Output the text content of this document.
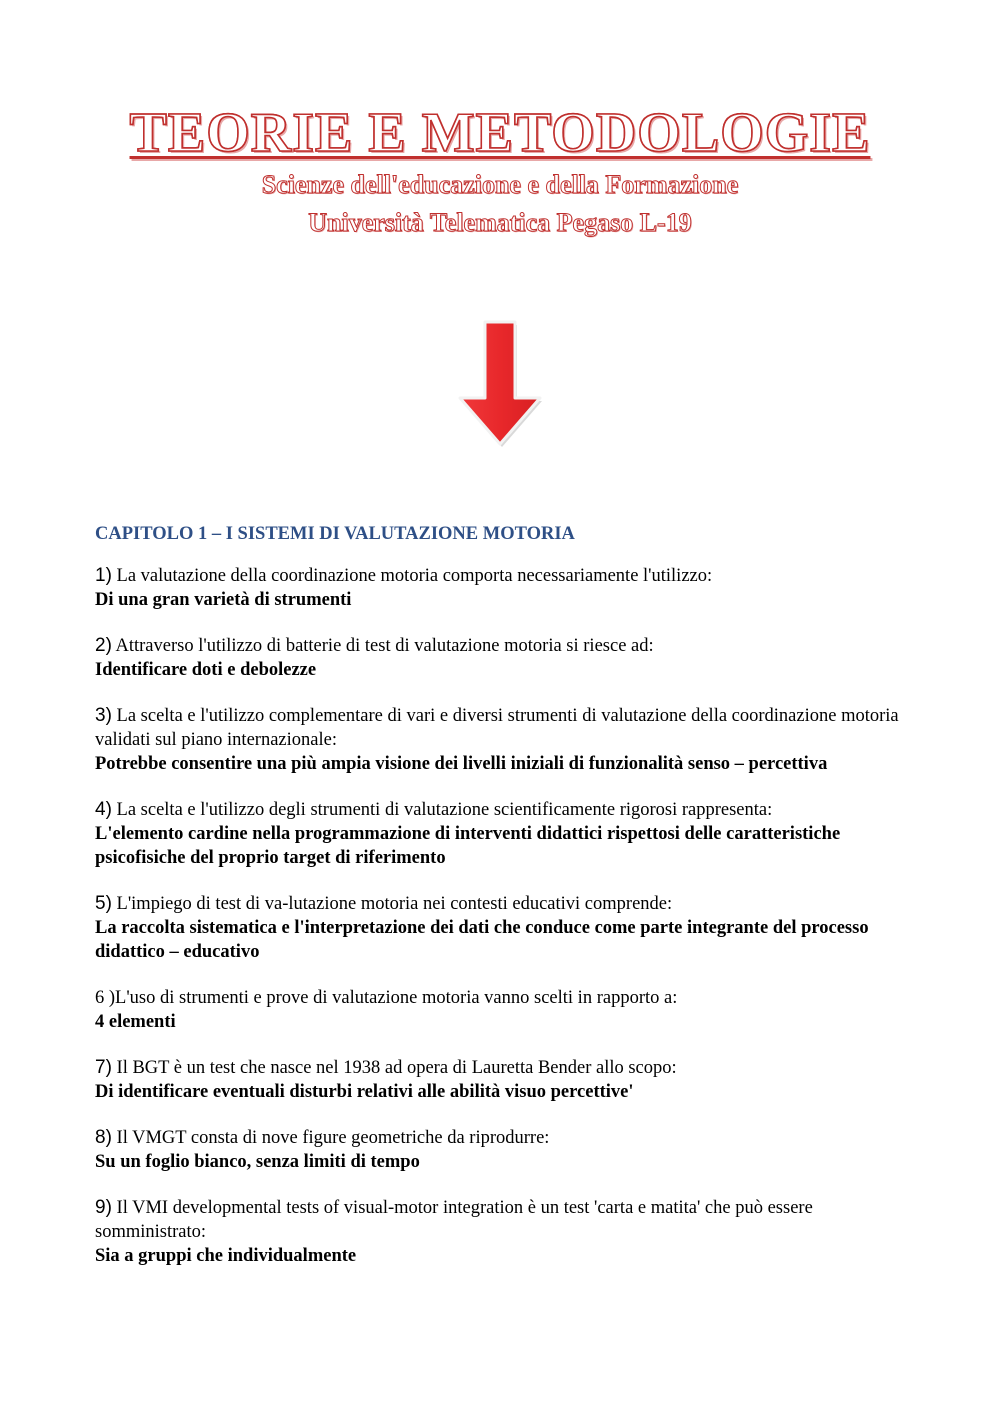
TEORIE E METODOLOGIE

Scienze dell'educazione e della Formazione

Università Telematica Pegaso L-19

CAPITOLO 1 – I SISTEMI DI VALUTAZIONE MOTORIA

1) La valutazione della coordinazione motoria comporta necessariamente l'utilizzo:

Di una gran varietà di strumenti

2) Attraverso l'utilizzo di batterie di test di valutazione motoria si riesce ad:

Identificare doti e debolezze

3) La scelta e l'utilizzo complementare di vari e diversi strumenti di valutazione della coordinazione motoria validati sul piano internazionale:

Potrebbe consentire una più ampia visione dei livelli iniziali di funzionalità senso – percettiva

4) La scelta e l'utilizzo degli strumenti di valutazione scientificamente rigorosi rappresenta:

L'elemento cardine nella programmazione di interventi didattici rispettosi delle caratteristiche psicofisiche del proprio target di riferimento

5) L'impiego di test di va-lutazione motoria nei contesti educativi comprende:

La raccolta sistematica e l'interpretazione dei dati che conduce come parte integrante del processo didattico – educativo

6 )L'uso di strumenti e prove di valutazione motoria vanno scelti in rapporto a:

4 elementi

7) Il BGT è un test che nasce nel 1938 ad opera di Lauretta Bender allo scopo:

Di identificare eventuali disturbi relativi alle abilità visuo percettive'

8) Il VMGT consta di nove figure geometriche da riprodurre:

Su un foglio bianco, senza limiti di tempo

9) Il VMI developmental tests of visual-motor integration è un test 'carta e matita' che può essere somministrato:

Sia a gruppi che individualmente
